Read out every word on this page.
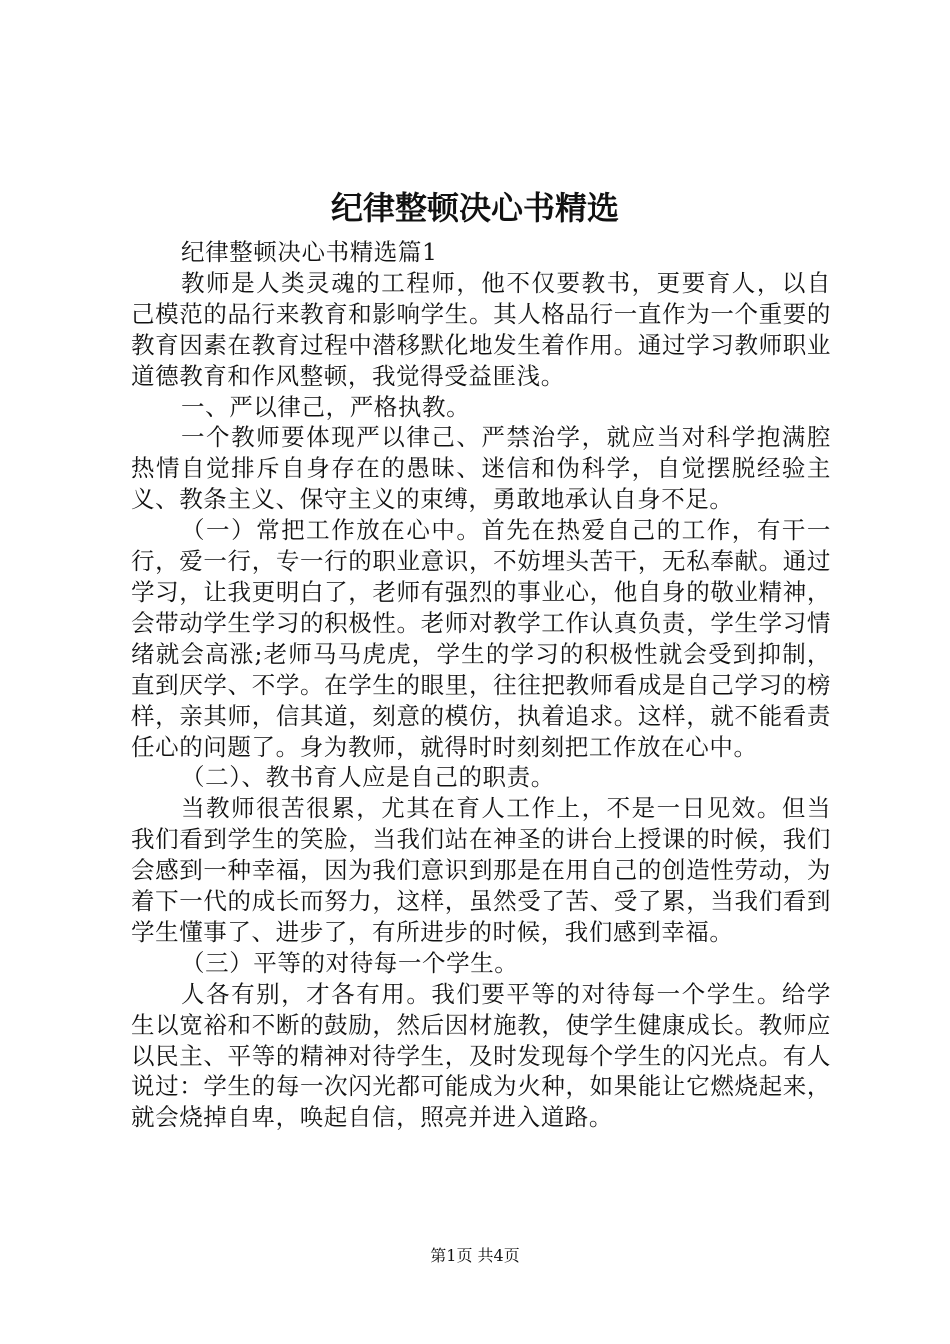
纪律整顿决心书精选

纪律整顿决心书精选篇1

教师是人类灵魂的工程师，他不仅要教书，更要育人，以自己模范的品行来教育和影响学生。其人格品行一直作为一个重要的教育因素在教育过程中潜移默化地发生着作用。通过学习教师职业道德教育和作风整顿，我觉得受益匪浅。

一、严以律己，严格执教。

一个教师要体现严以律己、严禁治学，就应当对科学抱满腔热情自觉排斥自身存在的愚昧、迷信和伪科学，自觉摆脱经验主义、教条主义、保守主义的束缚，勇敢地承认自身不足。

（一）常把工作放在心中。首先在热爱自己的工作，有干一行，爱一行，专一行的职业意识，不妨埋头苦干，无私奉献。通过学习，让我更明白了，老师有强烈的事业心，他自身的敬业精神，会带动学生学习的积极性。老师对教学工作认真负责，学生学习情绪就会高涨;老师马马虎虎，学生的学习的积极性就会受到抑制，直到厌学、不学。在学生的眼里，往往把教师看成是自己学习的榜样，亲其师，信其道，刻意的模仿，执着追求。这样，就不能看责任心的问题了。身为教师，就得时时刻刻把工作放在心中。

（二）、教书育人应是自己的职责。

当教师很苦很累，尤其在育人工作上，不是一日见效。但当我们看到学生的笑脸，当我们站在神圣的讲台上授课的时候，我们会感到一种幸福，因为我们意识到那是在用自己的创造性劳动，为着下一代的成长而努力，这样，虽然受了苦、受了累，当我们看到学生懂事了、进步了，有所进步的时候，我们感到幸福。

（三）平等的对待每一个学生。

人各有别，才各有用。我们要平等的对待每一个学生。给学生以宽裕和不断的鼓励，然后因材施教，使学生健康成长。教师应以民主、平等的精神对待学生，及时发现每个学生的闪光点。有人说过：学生的每一次闪光都可能成为火种，如果能让它燃烧起来，就会烧掉自卑，唤起自信，照亮并进入道路。

第1页 共4页
